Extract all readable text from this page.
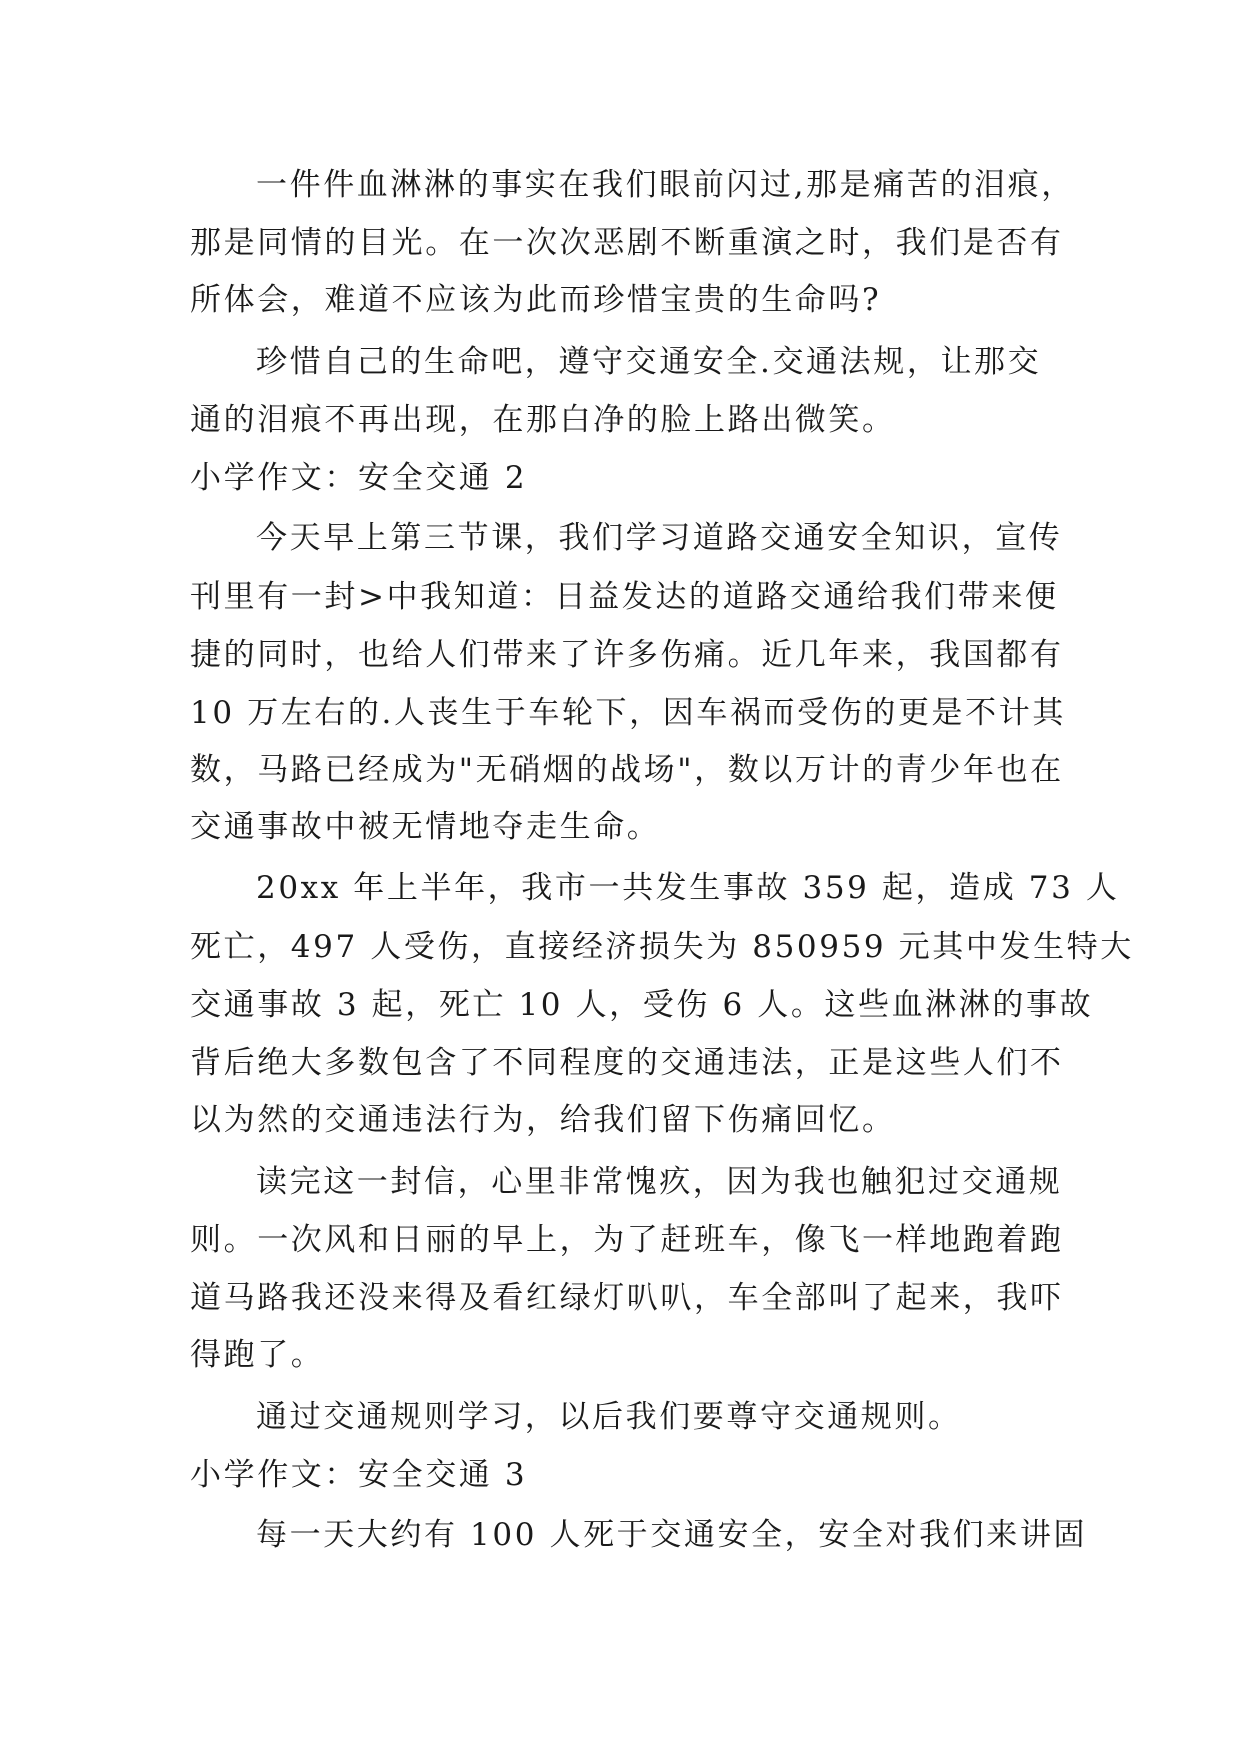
一件件血淋淋的事实在我们眼前闪过,那是痛苦的泪痕，
那是同情的目光。在一次次恶剧不断重演之时，我们是否有
所体会，难道不应该为此而珍惜宝贵的生命吗?
珍惜自己的生命吧，遵守交通安全.交通法规，让那交
通的泪痕不再出现，在那白净的脸上路出微笑。
小学作文：安全交通 2
今天早上第三节课，我们学习道路交通安全知识，宣传
刊里有一封>中我知道：日益发达的道路交通给我们带来便
捷的同时，也给人们带来了许多伤痛。近几年来，我国都有
10 万左右的.人丧生于车轮下，因车祸而受伤的更是不计其
数，马路已经成为"无硝烟的战场"，数以万计的青少年也在
交通事故中被无情地夺走生命。
20xx 年上半年，我市一共发生事故 359 起，造成 73 人
死亡，497 人受伤，直接经济损失为 850959 元其中发生特大
交通事故 3 起，死亡 10 人，受伤 6 人。这些血淋淋的事故
背后绝大多数包含了不同程度的交通违法，正是这些人们不
以为然的交通违法行为，给我们留下伤痛回忆。
读完这一封信，心里非常愧疚，因为我也触犯过交通规
则。一次风和日丽的早上，为了赶班车，像飞一样地跑着跑
道马路我还没来得及看红绿灯叭叭，车全部叫了起来，我吓
得跑了。
通过交通规则学习，以后我们要尊守交通规则。
小学作文：安全交通 3
每一天大约有 100 人死于交通安全，安全对我们来讲固
